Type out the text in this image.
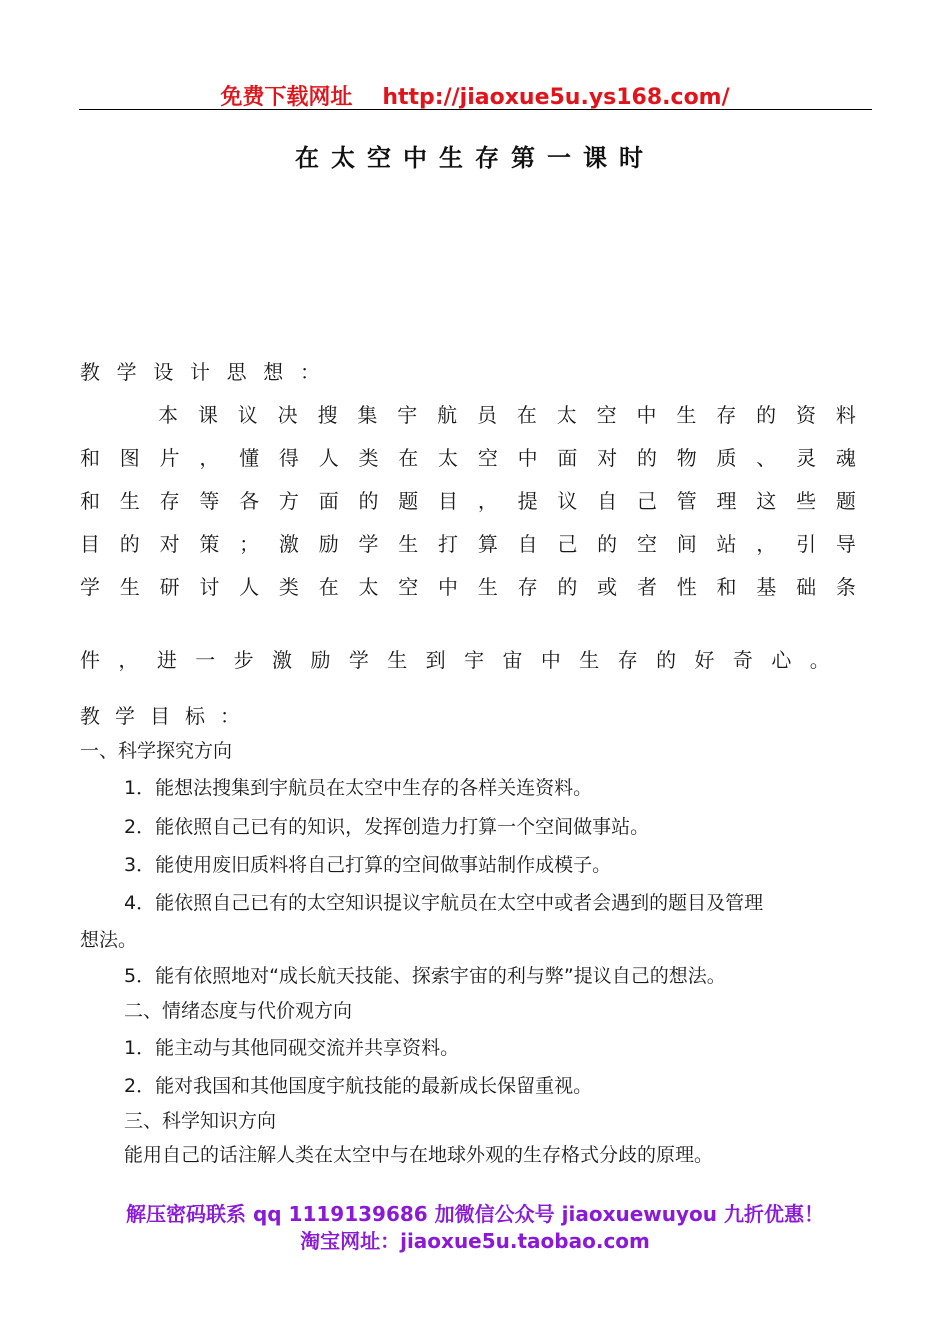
免费下载网址 http://jiaoxue5u.ys168.com/
在太空中生存第一课时
教 学 设 计 思 想 ：
本 课 议 决 搜 集 宇 航 员 在 太 空 中 生 存 的 资 料
和 图 片 ， 懂 得 人 类 在 太 空 中 面 对 的 物 质 、 灵 魂
和 生 存 等 各 方 面 的 题 目 ， 提 议 自 己 管 理 这 些 题
目 的 对 策 ； 激 励 学 生 打 算 自 己 的 空 间 站 ， 引 导
学 生 研 讨 人 类 在 太 空 中 生 存 的 或 者 性 和 基 础 条
件 ， 进 一 步 激 励 学 生 到 宇 宙 中 生 存 的 好 奇 心 。
教 学 目 标 ：
一、科学探究方向
1．能想法搜集到宇航员在太空中生存的各样关连资料。
2．能依照自己已有的知识，发挥创造力打算一个空间做事站。
3．能使用废旧质料将自己打算的空间做事站制作成模子。
4．能依照自己已有的太空知识提议宇航员在太空中或者会遇到的题目及管理
想法。
5．能有依照地对“成长航天技能、探索宇宙的利与弊”提议自己的想法。
二、情绪态度与代价观方向
1．能主动与其他同砚交流并共享资料。
2．能对我国和其他国度宇航技能的最新成长保留重视。
三、科学知识方向
能用自己的话注解人类在太空中与在地球外观的生存格式分歧的原理。
解压密码联系 qq 1119139686 加微信公众号 jiaoxuewuyou 九折优惠！
淘宝网址：jiaoxue5u.taobao.com
